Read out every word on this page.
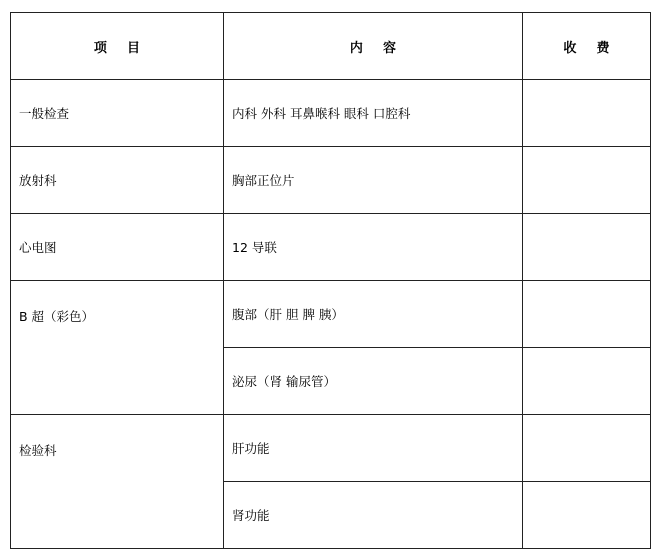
项 目	内 容	收 费
一般检查	内科 外科 耳鼻喉科 眼科 口腔科	
放射科	胸部正位片	
心电图	12 导联	
B 超（彩色）	腹部（肝 胆 脾 胰）	
	泌尿（肾 输尿管）	
检验科	肝功能	
	肾功能	
